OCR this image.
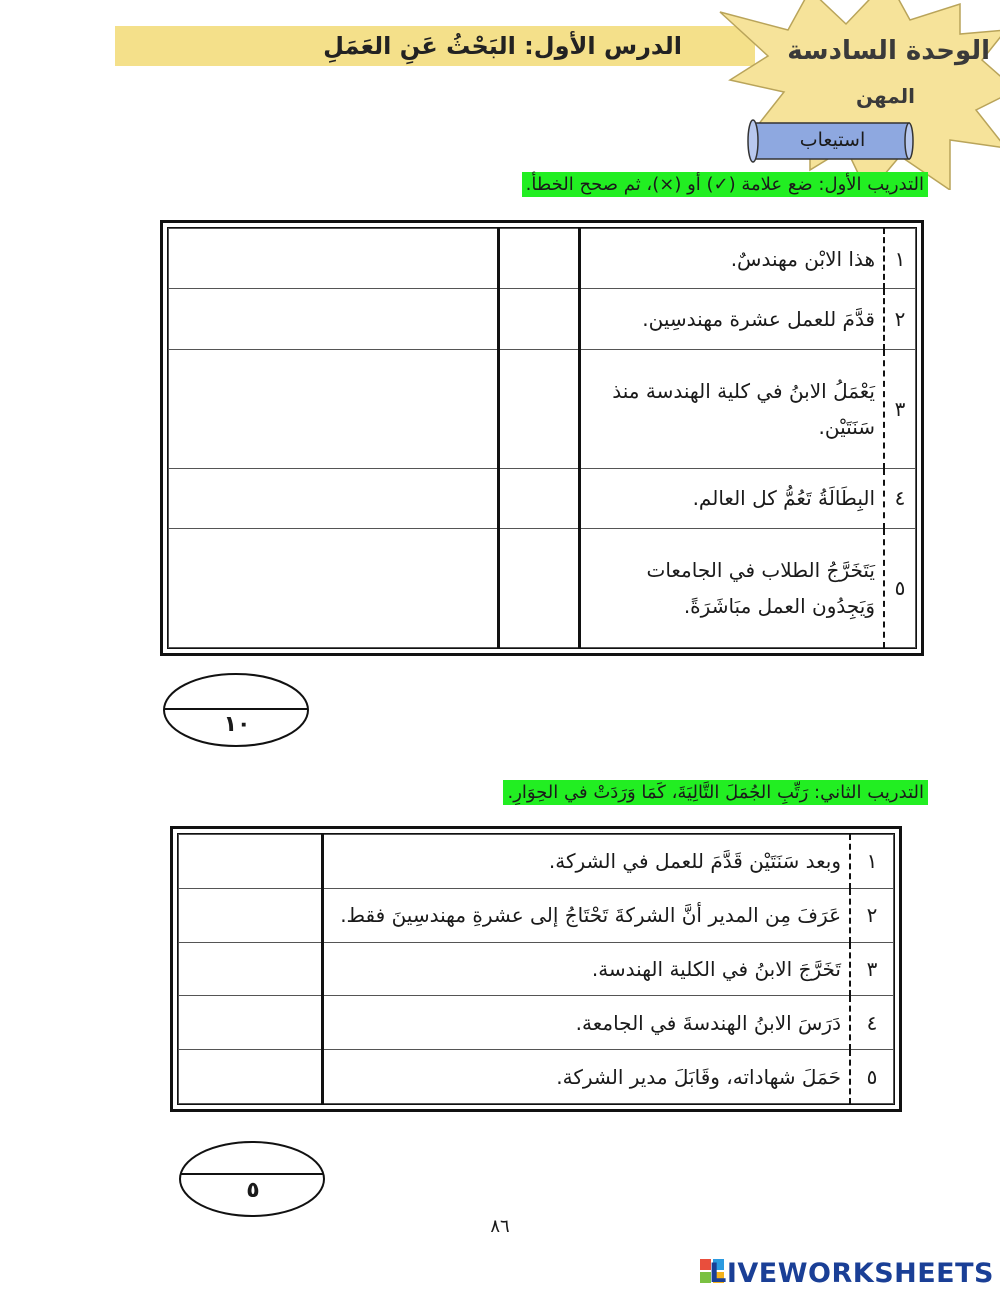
الدرس الأول: البَحْثُ عَنِ العَمَلِ	الوحدة السادسة
المهن
استيعاب
التدريب الأول: ضع علامة (✓) أو (×)، ثم صحح الخطأ.
١	هذا الابْن مهندسٌ.		
٢	قدَّمَ للعمل عشرة مهندسِين.		
٣	يَعْمَلُ الابنُ في كلية الهندسة منذ سَنَتَيْن.		
٤	البِطَالَةُ تَعُمُّ كل العالم.		
٥	يَتَخَرَّجُ الطلاب في الجامعات وَيَجِدُون العمل مبَاشَرَةً.		
١٠
التدريب الثاني: رَتِّبِ الجُمَلَ التَّالِيَةَ، كَمَا وَرَدَتْ في الحِوَارِ.
١	وبعد سَنَتَيْن قَدَّمَ للعمل في الشركة.	
٢	عَرَفَ مِن المدير أنَّ الشركةَ تَحْتَاجُ إلى عشرةِ مهندسِينَ فقط.	
٣	تَخَرَّجَ الابنُ في الكلية الهندسة.	
٤	دَرَسَ الابنُ الهندسةَ في الجامعة.	
٥	حَمَلَ شهاداته، وقَابَلَ مدير الشركة.	
٥
٨٦
LIVEWORKSHEETS
